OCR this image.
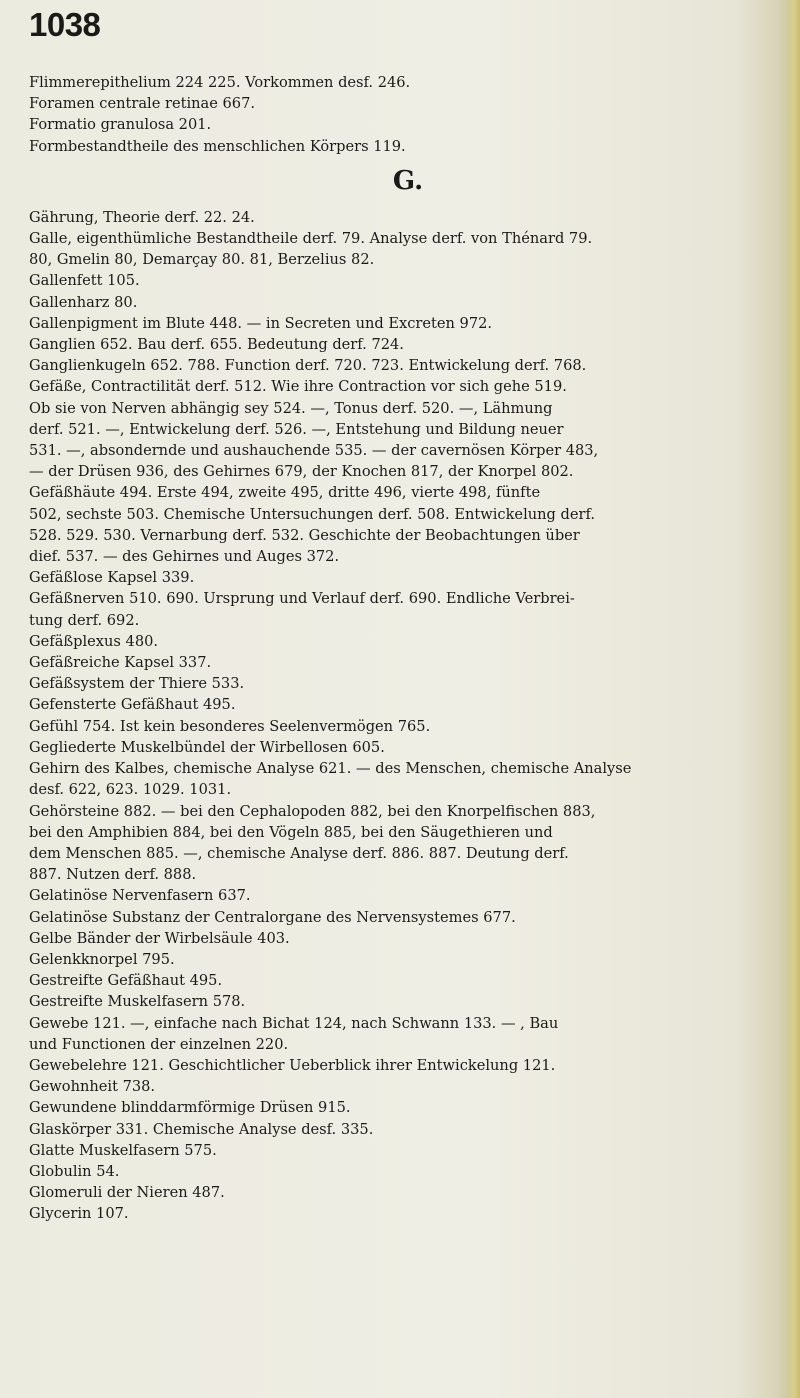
1038
Flimmerepithelium 224 225. Vorkommen desf. 246.
Foramen centrale retinae 667.
Formatio granulosa 201.
Formbestandtheile des menschlichen Körpers 119.
G.
Gährung, Theorie derf. 22. 24.
Galle, eigenthümliche Bestandtheile derf. 79. Analyse derf. von Thénard 79.
80, Gmelin 80, Demarçay 80. 81, Berzelius 82.
Gallenfett 105.
Gallenharz 80.
Gallenpigment im Blute 448. — in Secreten und Excreten 972.
Ganglien 652. Bau derf. 655. Bedeutung derf. 724.
Ganglienkugeln 652. 788. Function derf. 720. 723. Entwickelung derf. 768.
Gefäße, Contractilität derf. 512. Wie ihre Contraction vor sich gehe 519.
Ob sie von Nerven abhängig sey 524. —, Tonus derf. 520. —, Lähmung
derf. 521. —, Entwickelung derf. 526. —, Entstehung und Bildung neuer
531. —, absondernde und aushauchende 535. — der cavernösen Körper 483,
— der Drüsen 936, des Gehirnes 679, der Knochen 817, der Knorpel 802.
Gefäßhäute 494. Erste 494, zweite 495, dritte 496, vierte 498, fünfte
502, sechste 503. Chemische Untersuchungen derf. 508. Entwickelung derf.
528. 529. 530. Vernarbung derf. 532. Geschichte der Beobachtungen über
dief. 537. — des Gehirnes und Auges 372.
Gefäßlose Kapsel 339.
Gefäßnerven 510. 690. Ursprung und Verlauf derf. 690. Endliche Verbrei-
tung derf. 692.
Gefäßplexus 480.
Gefäßreiche Kapsel 337.
Gefäßsystem der Thiere 533.
Gefensterte Gefäßhaut 495.
Gefühl 754. Ist kein besonderes Seelenvermögen 765.
Gegliederte Muskelbündel der Wirbellosen 605.
Gehirn des Kalbes, chemische Analyse 621. — des Menschen, chemische Analyse
desf. 622, 623. 1029. 1031.
Gehörsteine 882. — bei den Cephalopoden 882, bei den Knorpelfischen 883,
bei den Amphibien 884, bei den Vögeln 885, bei den Säugethieren und
dem Menschen 885. —, chemische Analyse derf. 886. 887. Deutung derf.
887. Nutzen derf. 888.
Gelatinöse Nervenfasern 637.
Gelatinöse Substanz der Centralorgane des Nervensystemes 677.
Gelbe Bänder der Wirbelsäule 403.
Gelenkknorpel 795.
Gestreifte Gefäßhaut 495.
Gestreifte Muskelfasern 578.
Gewebe 121. —, einfache nach Bichat 124, nach Schwann 133. — , Bau
und Functionen der einzelnen 220.
Gewebelehre 121. Geschichtlicher Ueberblick ihrer Entwickelung 121.
Gewohnheit 738.
Gewundene blinddarmförmige Drüsen 915.
Glaskörper 331. Chemische Analyse desf. 335.
Glatte Muskelfasern 575.
Globulin 54.
Glomeruli der Nieren 487.
Glycerin 107.
